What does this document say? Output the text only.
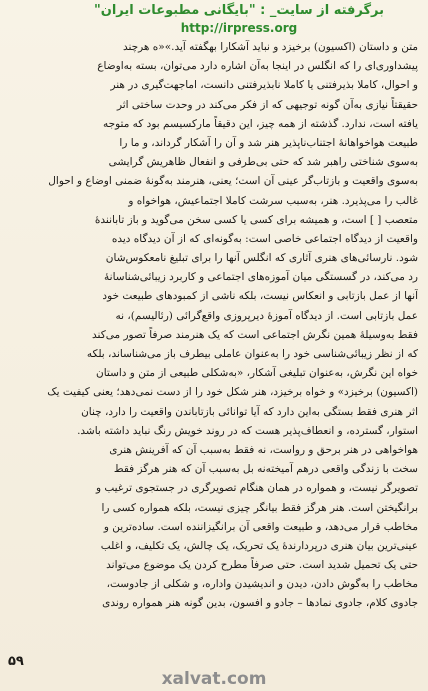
برگرفته از سایت_ : "بایگانی مطبوعات ایران"
http://irpress.org
متن و داستان (اکسیون) برخیزد و نباید آشکارا بهگفته آید.»«ه هرچند
پیشداوری‌ای را که انگلس در اینجا به‌آن اشاره دارد می‌توان، بسته به‌اوضاع
و احوال، کاملا بذیرفتنی یا کاملا نابذیرفتنی دانست، اماجهت‌گیری در هنر
حقیقتاً نیازی به‌آن گونه توجیهی که از فکر می‌کند در وحدت ساختی اثر
یافته است، ندارد. گذشته از همه چیز، این دقیقاً مارکسیسم بود که متوجه
طبیعت هواخواهانهٔ اجتناب‌ناپذیر هنر شد و آن را آشکار گرداند، و ما را
به‌سوی شناختی راهبر شد که حتی بی‌طرفی و انفعال ظاهریش گرایشی
به‌سوی واقعیت و بازتاب‌گر عینی آن است؛ یعنی، هنرمند به‌گونهٔ ضمنی اوضاع و احوال
غالب را می‌پذیرد. هنر، به‌سبب سرشت کاملا اجتماعیش، هواخواه و
متعصب [ ] است، و همیشه برای کسی یا کسی سخن می‌گوید و باز تابانندهٔ
واقعیت از دیدگاه اجتماعی خاصی است: به‌گونه‌ای که از آن دیدگاه دیده
شود. نارسائی‌های هنری آثاری که انگلس آنها را برای تبلیغ نامعکوس‌شان
رد می‌کند، در گسستگی میان آموزه‌های اجتماعی و کاربرد زیبائی‌شناسانهٔ
آنها از عمل بازتابی و انعکاس نیست، بلکه ناشی از کمبودهای طبیعت خود
عمل بازتابی است. از دیدگاه آموزهٔ دیرپروزی واقع‌گرائی (رئالیسم)، نه
فقط به‌وسیلهٔ همین نگرش اجتماعی است که یک هنرمند صرفاً تصور می‌کند
که از نظر زیبائی‌شناسی خود را به‌عنوان عاملی بیطرف باز می‌شناساند، بلکه
خواه این نگرش، به‌عنوان تبلیغی آشکار، «به‌شکلی طبیعی از متن و داستان
(اکسیون) برخیزد» و خواه برخیزد، هنر شکل خود را از دست نمی‌دهد؛ یعنی کیفیت یک
اثر هنری فقط بستگی به‌این دارد که آیا توانائی بازتاباندن واقعیت را دارد، چنان
استوار، گسترده، و انعطاف‌پذیر هست که در روند خویش رنگ نباید داشته باشد.
هواخواهی در هنر برحق و رواست، نه فقط به‌سبب آن که آفرینش هنری
سخت با زندگی واقعی درهم آمیخته‌نه بل به‌سبب آن که هنر هرگز فقط
تصویرگر نیست، و همواره در همان هنگام تصویرگری در جستجوی ترغیب و
برانگیختن است. هنر هرگز فقط بیانگر چیزی نیست، بلکه همواره کسی را
مخاطب قرار می‌دهد، و طبیعت واقعی آن برانگیزاننده است. ساده‌ترین و
عینی‌ترین بیان هنری درپردارندهٔ یک تحریک، یک چالش، یک تکلیف، و اغلب
حتی یک تحمیل شدید است. حتی صرفاً مطرح کردن یک موضوع می‌تواند
مخاطب را به‌گوش دادن، دیدن و اندیشیدن واداره، و شکلی از جادوست،
جادوی کلام، جادوی نمادها – جادو و افسون، بدین گونه هنر همواره روندی
۵۹
xalvat.com
